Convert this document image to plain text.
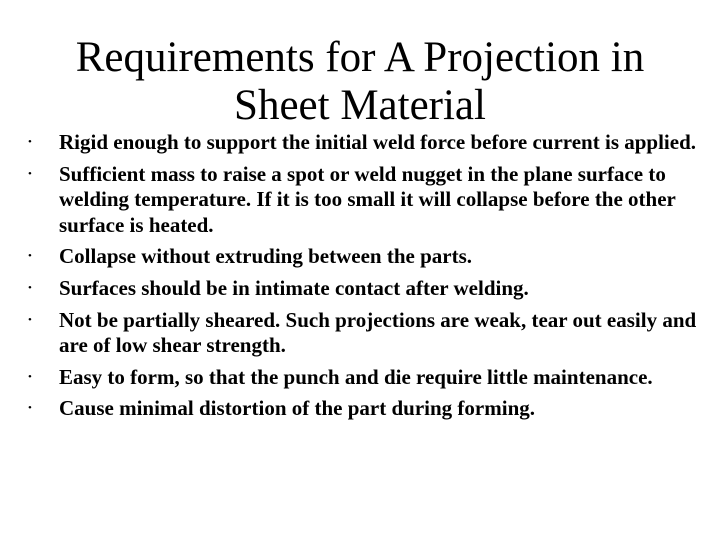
Requirements for A Projection in Sheet Material
• Rigid enough to support the initial weld force before current is applied.
• Sufficient mass to raise a spot or weld nugget in the plane surface to welding temperature. If it is too small it will collapse before the other surface is heated.
• Collapse without extruding between the parts.
• Surfaces should be in intimate contact after welding.
• Not be partially sheared. Such projections are weak, tear out easily and are of low shear strength.
• Easy to form, so that the punch and die require little maintenance.
• Cause minimal distortion of the part during forming.
